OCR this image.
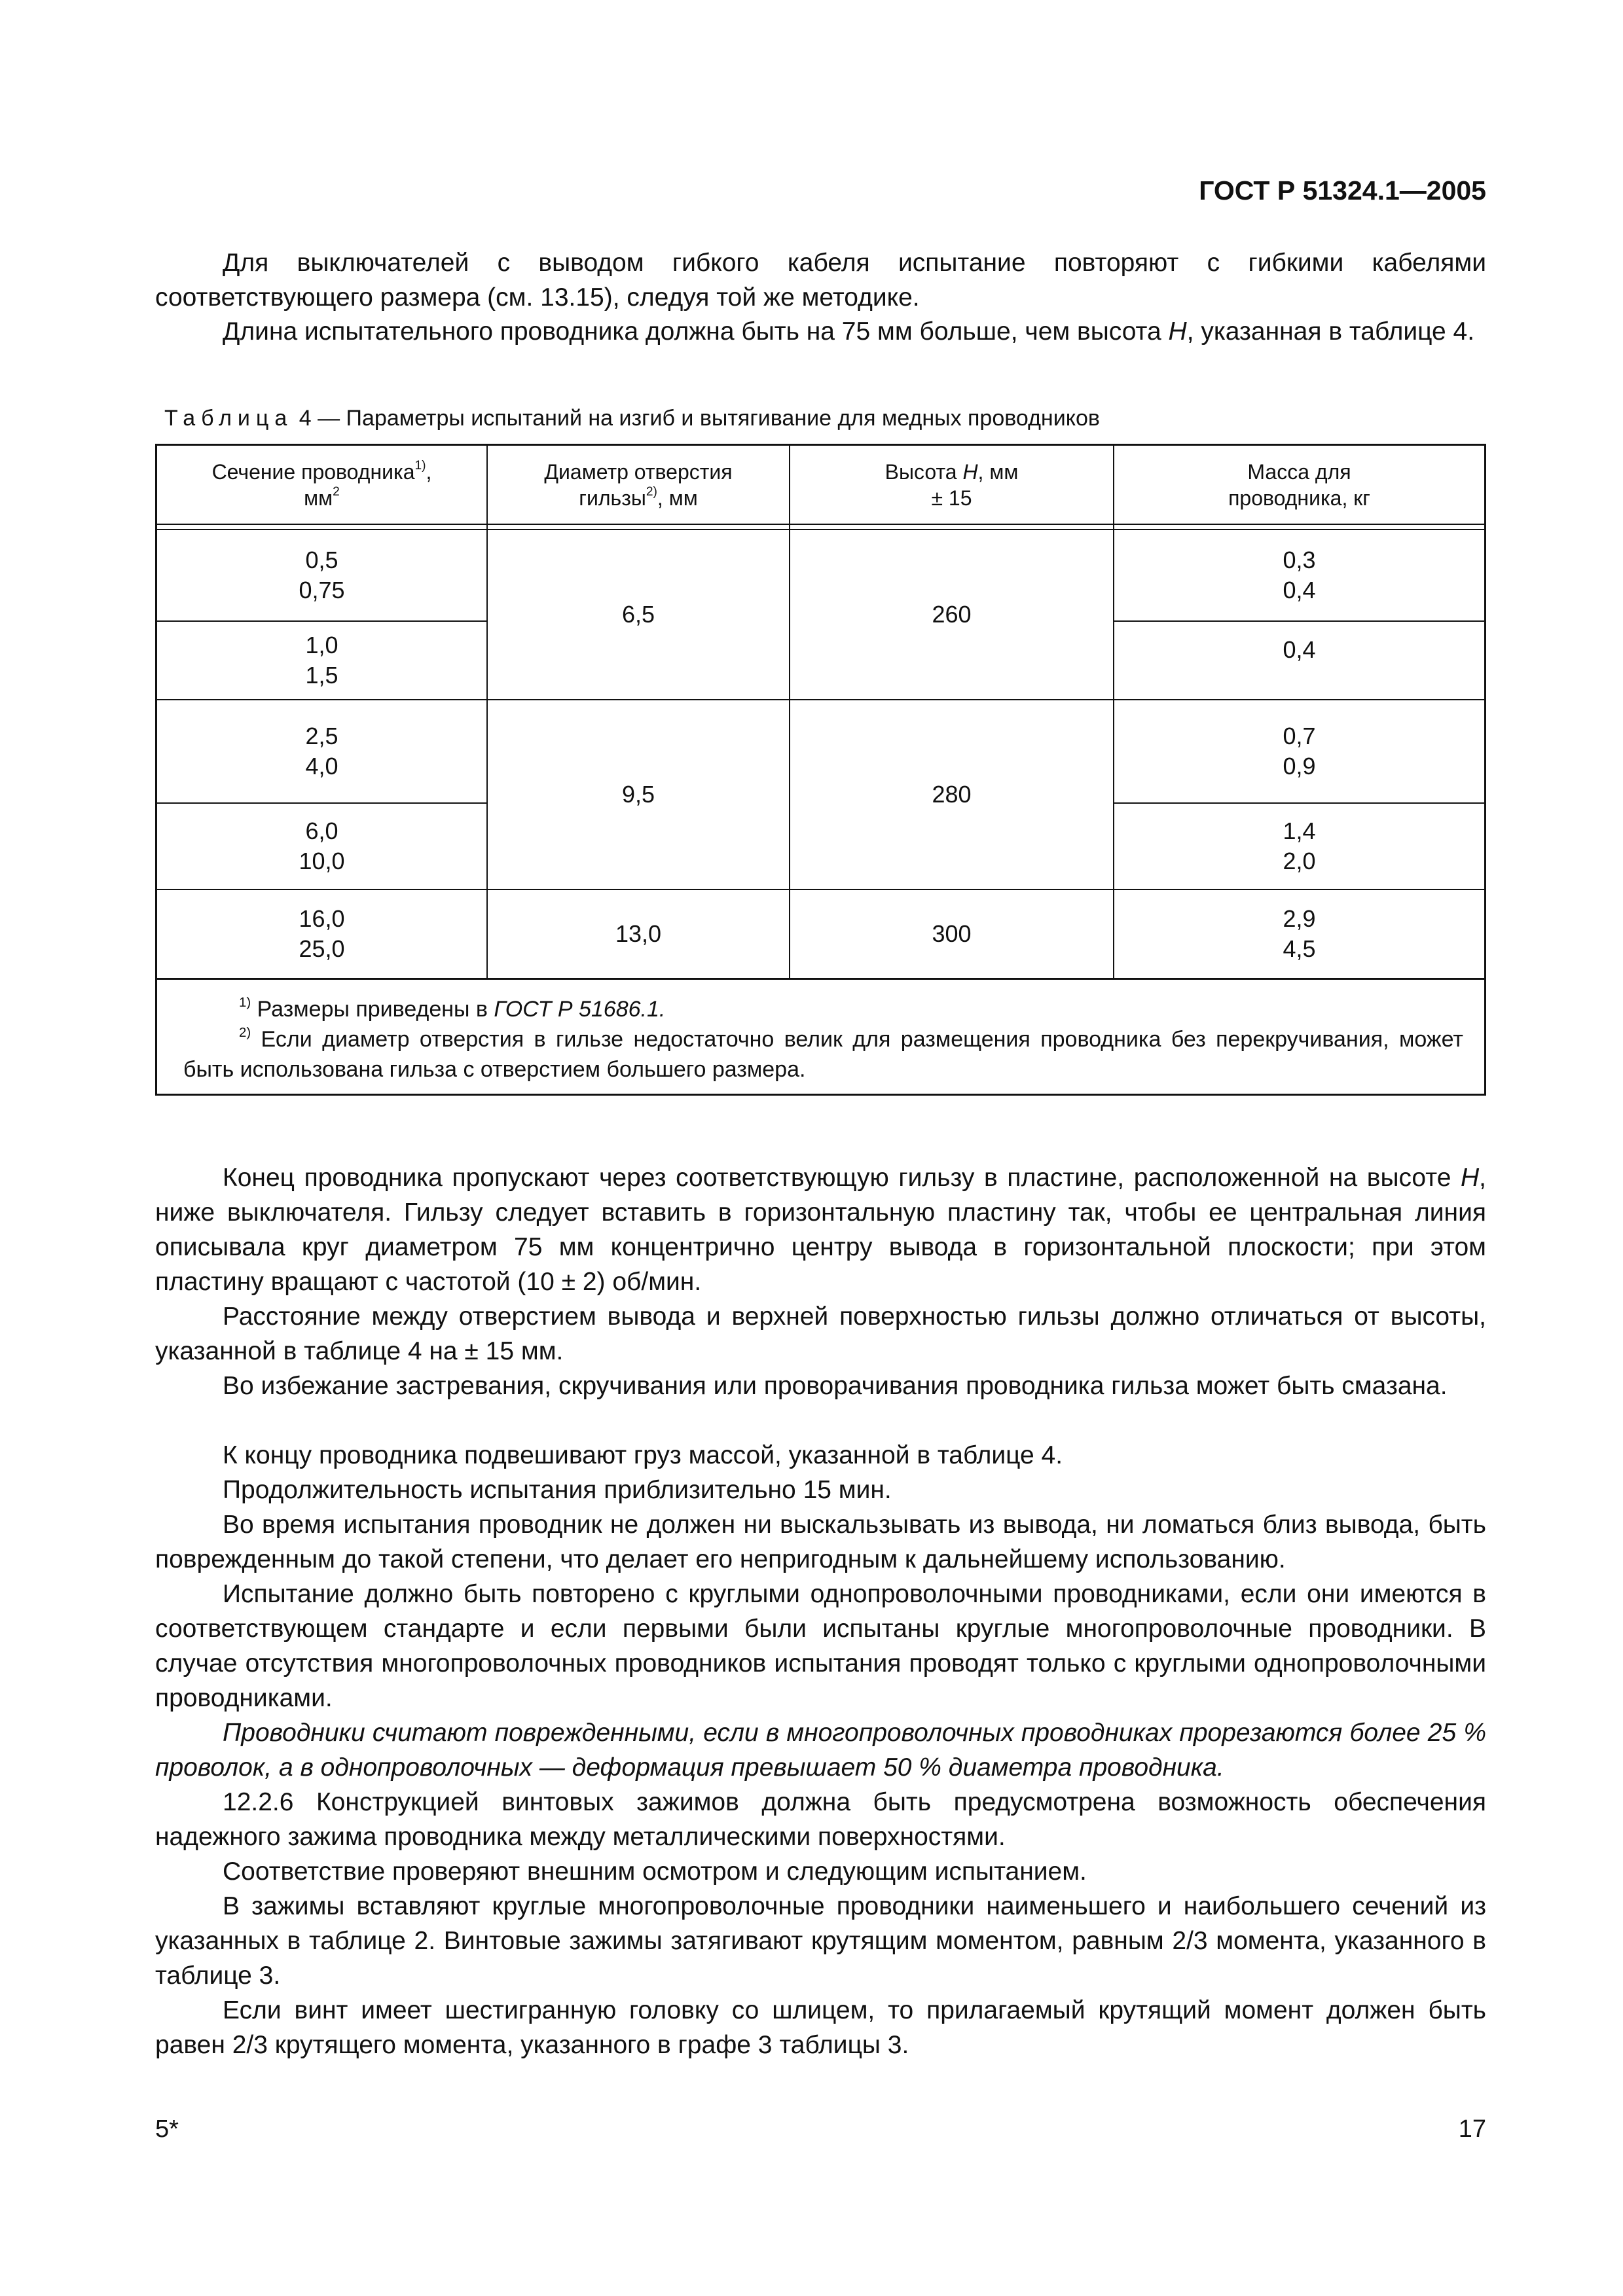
ГОСТ Р 51324.1—2005
Для выключателей с выводом гибкого кабеля испытание повторяют с гибкими кабелями соответствующего размера (см. 13.15), следуя той же методике.
Длина испытательного проводника должна быть на 75 мм больше, чем высота Н, указанная в таблице 4.
Таблица 4 — Параметры испытаний на изгиб и вытягивание для медных проводников
Сечение проводника$^{1)}$,
$мм^2$
Диаметр отверстия
гильзы$^{2)}$, мм
Высота Н, мм
± 15
Масса для
проводника, кг
0,5
0,75
1,0
1,5
2,5
4,0
6,0
10,0
16,0
25,0
6,5
9,5
13,0
260
280
300
0,3
0,4
0,4
0,7
0,9
1,4
2,0
2,9
4,5
$^{1)}$ Размеры приведены в ГОСТ Р 51686.1.
$^{2)}$ Если диаметр отверстия в гильзе недостаточно велик для размещения проводника без перекручивания, может быть использована гильза с отверстием большего размера.
Конец проводника пропускают через соответствующую гильзу в пластине, расположенной на высоте Н, ниже выключателя. Гильзу следует вставить в горизонтальную пластину так, чтобы ее центральная линия описывала круг диаметром 75 мм концентрично центру вывода в горизонтальной плоскости; при этом пластину вращают с частотой (10 ± 2) об/мин.
Расстояние между отверстием вывода и верхней поверхностью гильзы должно отличаться от высоты, указанной в таблице 4 на ± 15 мм.
Во избежание застревания, скручивания или проворачивания проводника гильза может быть смазана.
К концу проводника подвешивают груз массой, указанной в таблице 4.
Продолжительность испытания приблизительно 15 мин.
Во время испытания проводник не должен ни выскальзывать из вывода, ни ломаться близ вывода, быть поврежденным до такой степени, что делает его непригодным к дальнейшему использованию.
Испытание должно быть повторено с круглыми однопроволочными проводниками, если они имеются в соответствующем стандарте и если первыми были испытаны круглые многопроволочные проводники. В случае отсутствия многопроволочных проводников испытания проводят только с круглыми однопроволочными проводниками.
Проводники считают поврежденными, если в многопроволочных проводниках прорезаются более 25 % проволок, а в однопроволочных — деформация превышает 50 % диаметра проводника.
12.2.6 Конструкцией винтовых зажимов должна быть предусмотрена возможность обеспечения надежного зажима проводника между металлическими поверхностями.
Соответствие проверяют внешним осмотром и следующим испытанием.
В зажимы вставляют круглые многопроволочные проводники наименьшего и наибольшего сечений из указанных в таблице 2. Винтовые зажимы затягивают крутящим моментом, равным 2/3 момента, указанного в таблице 3.
Если винт имеет шестигранную головку со шлицем, то прилагаемый крутящий момент должен быть равен 2/3 крутящего момента, указанного в графе 3 таблицы 3.
5*	17
